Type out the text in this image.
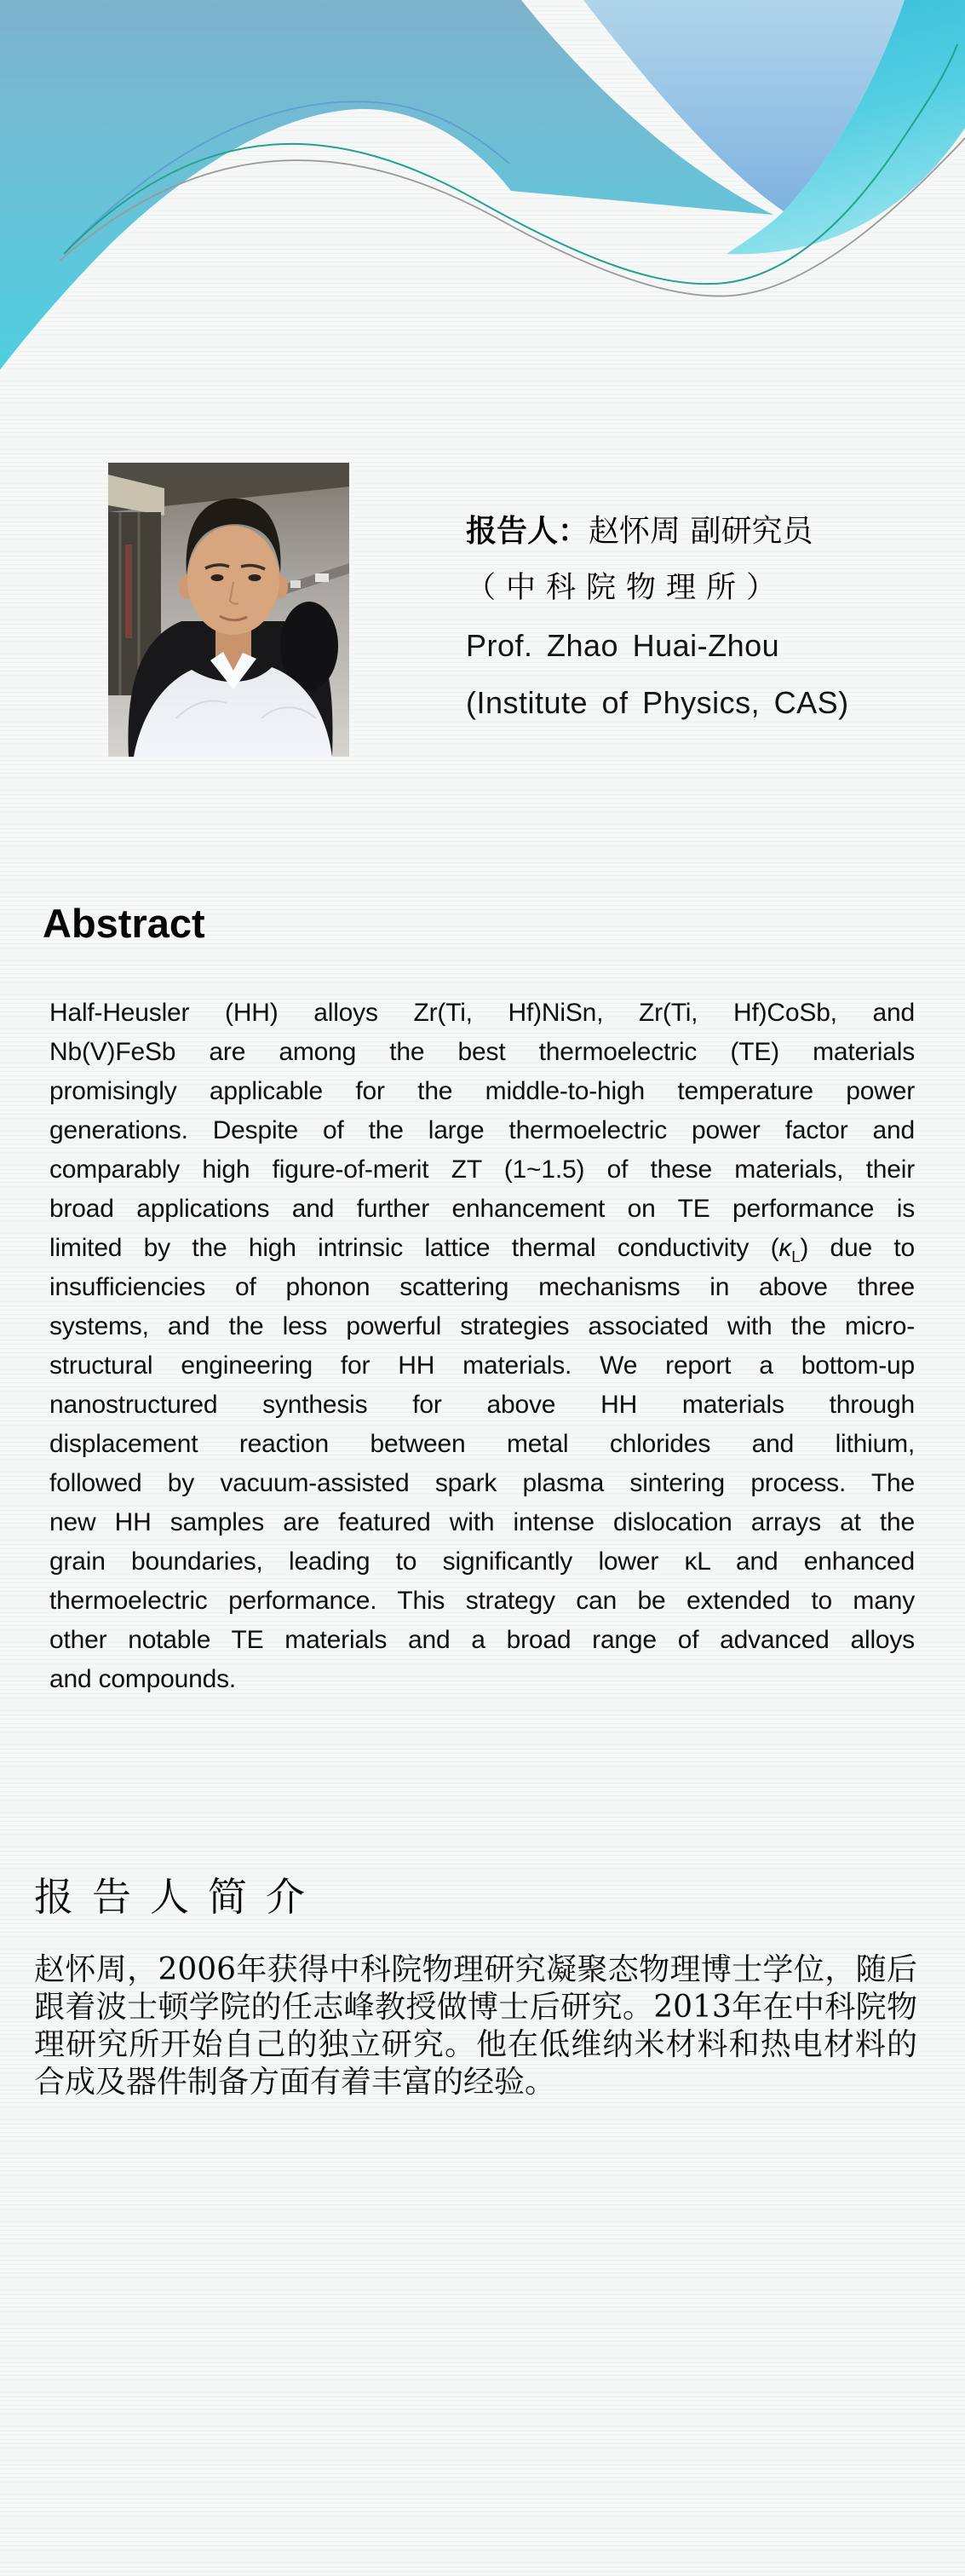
报告人：赵怀周 副研究员
（中科院物理所）
Prof. Zhao Huai-Zhou
(Institute of Physics, CAS)
Abstract
Half-Heusler (HH) alloys Zr(Ti, Hf)NiSn, Zr(Ti, Hf)CoSb, and
Nb(V)FeSb are among the best thermoelectric (TE) materials
promisingly applicable for the middle-to-high temperature power
generations. Despite of the large thermoelectric power factor and
comparably high figure-of-merit ZT (1~1.5) of these materials, their
broad applications and further enhancement on TE performance is
limited by the high intrinsic lattice thermal conductivity $(\kappa_L)$ due to
insufficiencies of phonon scattering mechanisms in above three
systems, and the less powerful strategies associated with the micro-
structural engineering for HH materials. We report a bottom-up
nanostructured synthesis for above HH materials through
displacement reaction between metal chlorides and lithium,
followed by vacuum-assisted spark plasma sintering process. The
new HH samples are featured with intense dislocation arrays at the
grain boundaries, leading to significantly lower κL and enhanced
thermoelectric performance. This strategy can be extended to many
other notable TE materials and a broad range of advanced alloys
and compounds.
报告人简介
赵怀周，2006年获得中科院物理研究凝聚态物理博士学位，随后
跟着波士顿学院的任志峰教授做博士后研究。2013年在中科院物
理研究所开始自己的独立研究。他在低维纳米材料和热电材料的
合成及器件制备方面有着丰富的经验。
